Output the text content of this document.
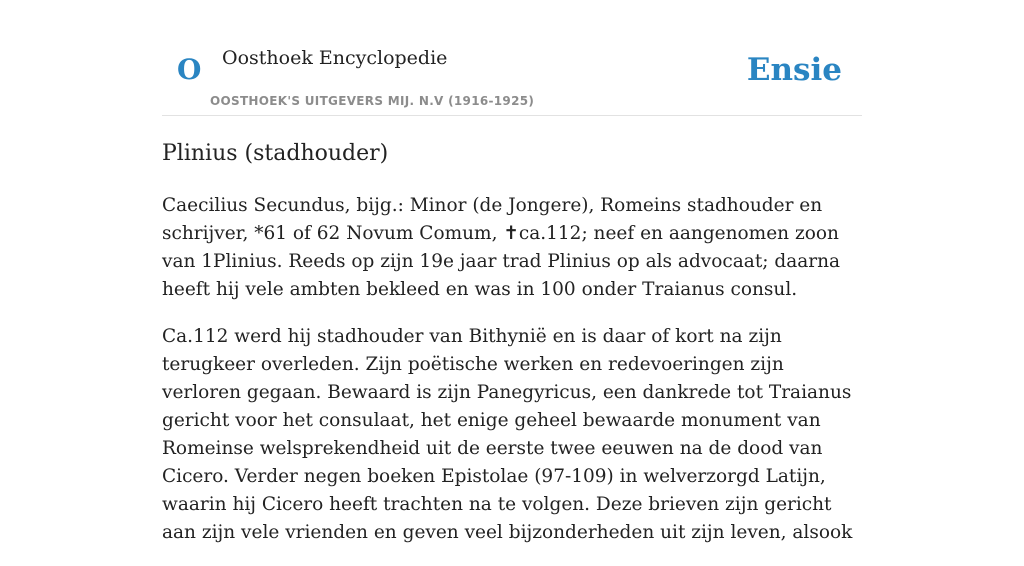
O Oosthoek Encyclopedie
OOSTHOEK'S UITGEVERS MIJ. N.V (1916-1925)
Ensie
Plinius (stadhouder)

Caecilius Secundus, bijg.: Minor (de Jongere), Romeins stadhouder en schrijver, *61 of 62 Novum Comum, ✝ca.112; neef en aangenomen zoon van 1Plinius. Reeds op zijn 19e jaar trad Plinius op als advocaat; daarna heeft hij vele ambten bekleed en was in 100 onder Traianus consul.

Ca.112 werd hij stadhouder van Bithynië en is daar of kort na zijn terugkeer overleden. Zijn poëtische werken en redevoeringen zijn verloren gegaan. Bewaard is zijn Panegyricus, een dankrede tot Traianus gericht voor het consulaat, het enige geheel bewaarde monument van Romeinse welsprekendheid uit de eerste twee eeuwen na de dood van Cicero. Verder negen boeken Epistolae (97-109) in welverzorgd Latijn, waarin hij Cicero heeft trachten na te volgen. Deze brieven zijn gericht aan zijn vele vrienden en geven veel bijzonderheden uit zijn leven, alsook
